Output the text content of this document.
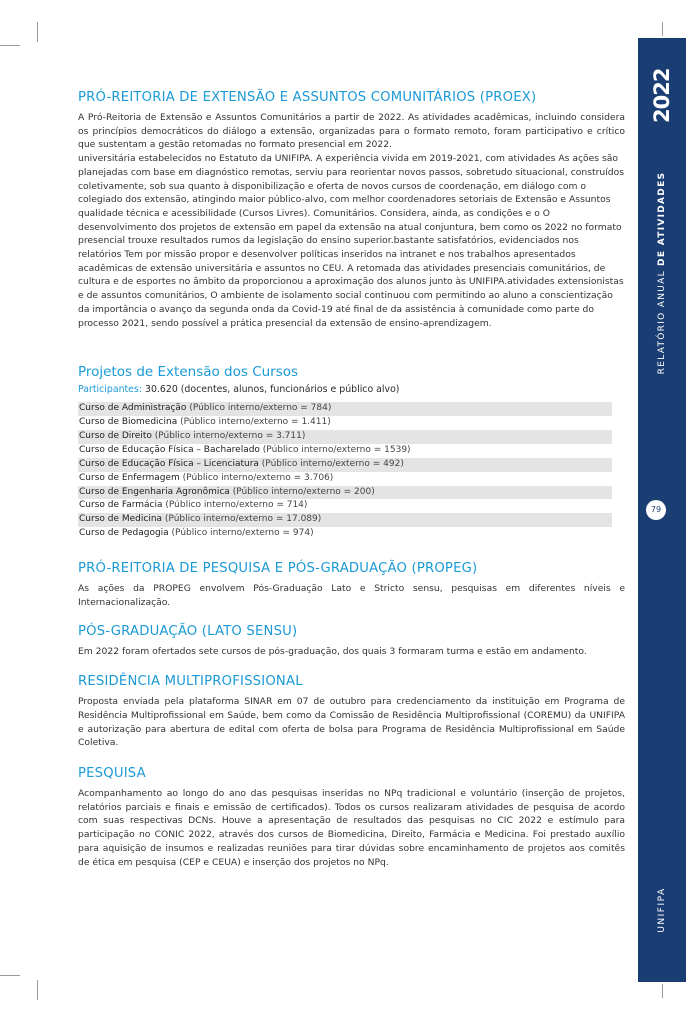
2022
RELATÓRIO ANUAL DE ATIVIDADES
UNIFIPA
79
PRÓ-REITORIA DE EXTENSÃO E ASSUNTOS COMUNITÁRIOS (PROEX)

A Pró-Reitoria de Extensão e Assuntos Comunitários a partir de 2022. As atividades acadêmicas, incluindo considera os princípios democráticos do diálogo a extensão, organizadas para o formato remoto, foram participativo e crítico que sustentam a gestão retomadas no formato presencial em 2022.

universitária estabelecidos no Estatuto da UNIFIPA. A experiência vivida em 2019-2021, com atividades As ações são planejadas com base em diagnóstico remotas, serviu para reorientar novos passos, sobretudo situacional, construídos coletivamente, sob sua quanto à disponibilização e oferta de novos cursos de coordenação, em diálogo com o colegiado dos extensão, atingindo maior público-alvo, com melhor coordenadores setoriais de Extensão e Assuntos qualidade técnica e acessibilidade (Cursos Livres). Comunitários. Considera, ainda, as condições e o O desenvolvimento dos projetos de extensão em papel da extensão na atual conjuntura, bem como os 2022 no formato presencial trouxe resultados rumos da legislação do ensino superior.bastante satisfatórios, evidenciados nos relatórios Tem por missão propor e desenvolver políticas inseridos na intranet e nos trabalhos apresentados acadêmicas de extensão universitária e assuntos no CEU. A retomada das atividades presenciais comunitários, de cultura e de esportes no âmbito da proporcionou a aproximação dos alunos junto às UNIFIPA.atividades extensionistas e de assuntos comunitários, O ambiente de isolamento social continuou com permitindo ao aluno a conscientização da importância o avanço da segunda onda da Covid-19 até final de da assistência à comunidade como parte do processo 2021, sendo possível a prática presencial da extensão de ensino-aprendizagem.

Projetos de Extensão dos Cursos
Participantes: 30.620 (docentes, alunos, funcionários e público alvo)
Curso de Administração (Público interno/externo = 784)
Curso de Biomedicina (Público interno/externo = 1.411)
Curso de Direito (Público interno/externo = 3.711)
Curso de Educação Física – Bacharelado (Público interno/externo = 1539)
Curso de Educação Física – Licenciatura (Público interno/externo = 492)
Curso de Enfermagem (Público interno/externo = 3.706)
Curso de Engenharia Agronômica (Público interno/externo = 200)
Curso de Farmácia (Público interno/externo = 714)
Curso de Medicina (Público interno/externo = 17.089)
Curso de Pedagogia (Público interno/externo = 974)
PRÓ-REITORIA DE PESQUISA E PÓS-GRADUAÇÃO (PROPEG)

As ações da PROPEG envolvem Pós-Graduação Lato e Stricto sensu, pesquisas em diferentes níveis e Internacionalização.

PÓS-GRADUAÇÃO (LATO SENSU)

Em 2022 foram ofertados sete cursos de pós-graduação, dos quais 3 formaram turma e estão em andamento.

RESIDÊNCIA MULTIPROFISSIONAL

Proposta enviada pela plataforma SINAR em 07 de outubro para credenciamento da instituição em Programa de Residência Multiprofissional em Saúde, bem como da Comissão de Residência Multiprofissional (COREMU) da UNIFIPA e autorização para abertura de edital com oferta de bolsa para Programa de Residência Multiprofissional em Saúde Coletiva.

PESQUISA

Acompanhamento ao longo do ano das pesquisas inseridas no NPq tradicional e voluntário (inserção de projetos, relatórios parciais e finais e emissão de certificados). Todos os cursos realizaram atividades de pesquisa de acordo com suas respectivas DCNs. Houve a apresentação de resultados das pesquisas no CIC 2022 e estímulo para participação no CONIC 2022, através dos cursos de Biomedicina, Direito, Farmácia e Medicina. Foi prestado auxílio para aquisição de insumos e realizadas reuniões para tirar dúvidas sobre encaminhamento de projetos aos comitês de ética em pesquisa (CEP e CEUA) e inserção dos projetos no NPq.
